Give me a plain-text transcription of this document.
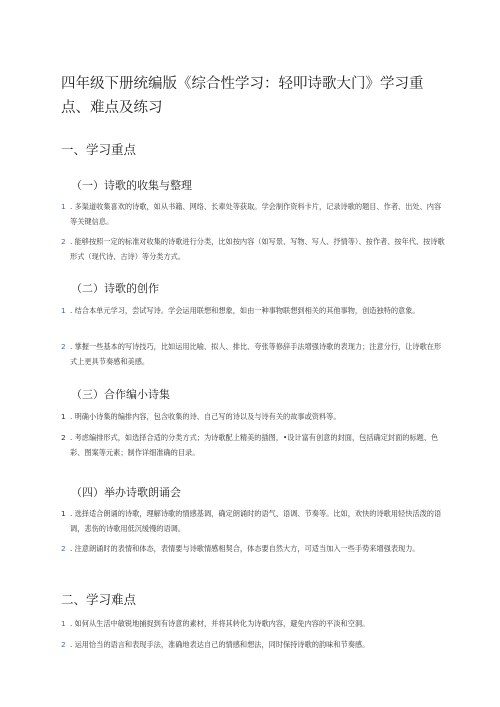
四年级下册统编版《综合性学习：轻叩诗歌大门》学习重点、难点及练习
一、学习重点
（一）诗歌的收集与整理
1 . 多渠道收集喜欢的诗歌，如从书籍、网络、长辈处等获取。学会制作资料卡片，记录诗歌的题目、作者、出处、内容等关键信息。
2 . 能够按照一定的标准对收集的诗歌进行分类，比如按内容（如写景、写物、写人、抒情等）、按作者、按年代、按诗歌形式（现代诗、古诗）等分类方式。
（二）诗歌的创作
1 . 结合本单元学习，尝试写诗。学会运用联想和想象，如由一种事物联想到相关的其他事物，创造独特的意象。
2 . 掌握一些基本的写诗技巧，比如运用比喻、拟人、排比、夸张等修辞手法增强诗歌的表现力；注意分行，让诗歌在形式上更具节奏感和美感。
（三）合作编小诗集
1 . 明确小诗集的编排内容，包含收集的诗、自己写的诗以及与诗有关的故事或资料等。
2 . 考虑编排形式，如选择合适的分类方式；为诗歌配上精美的插图，•设计富有创意的封面，包括确定封面的标题、色彩、图案等元素；制作详细准确的目录。
（四）举办诗歌朗诵会
1 . 选择适合朗诵的诗歌，理解诗歌的情感基调，确定朗诵时的语气、语调、节奏等。比如，欢快的诗歌用轻快活泼的语调，悲伤的诗歌用低沉缓慢的语调。
2 . 注意朗诵时的表情和体态，表情要与诗歌情感相契合，体态要自然大方，可适当加入一些手势来增强表现力。
二、学习难点
1 . 如何从生活中敏锐地捕捉到有诗意的素材，并将其转化为诗歌内容，避免内容的平淡和空洞。
2 . 运用恰当的语言和表现手法，准确地表达自己的情感和想法，同时保持诗歌的韵味和节奏感。
